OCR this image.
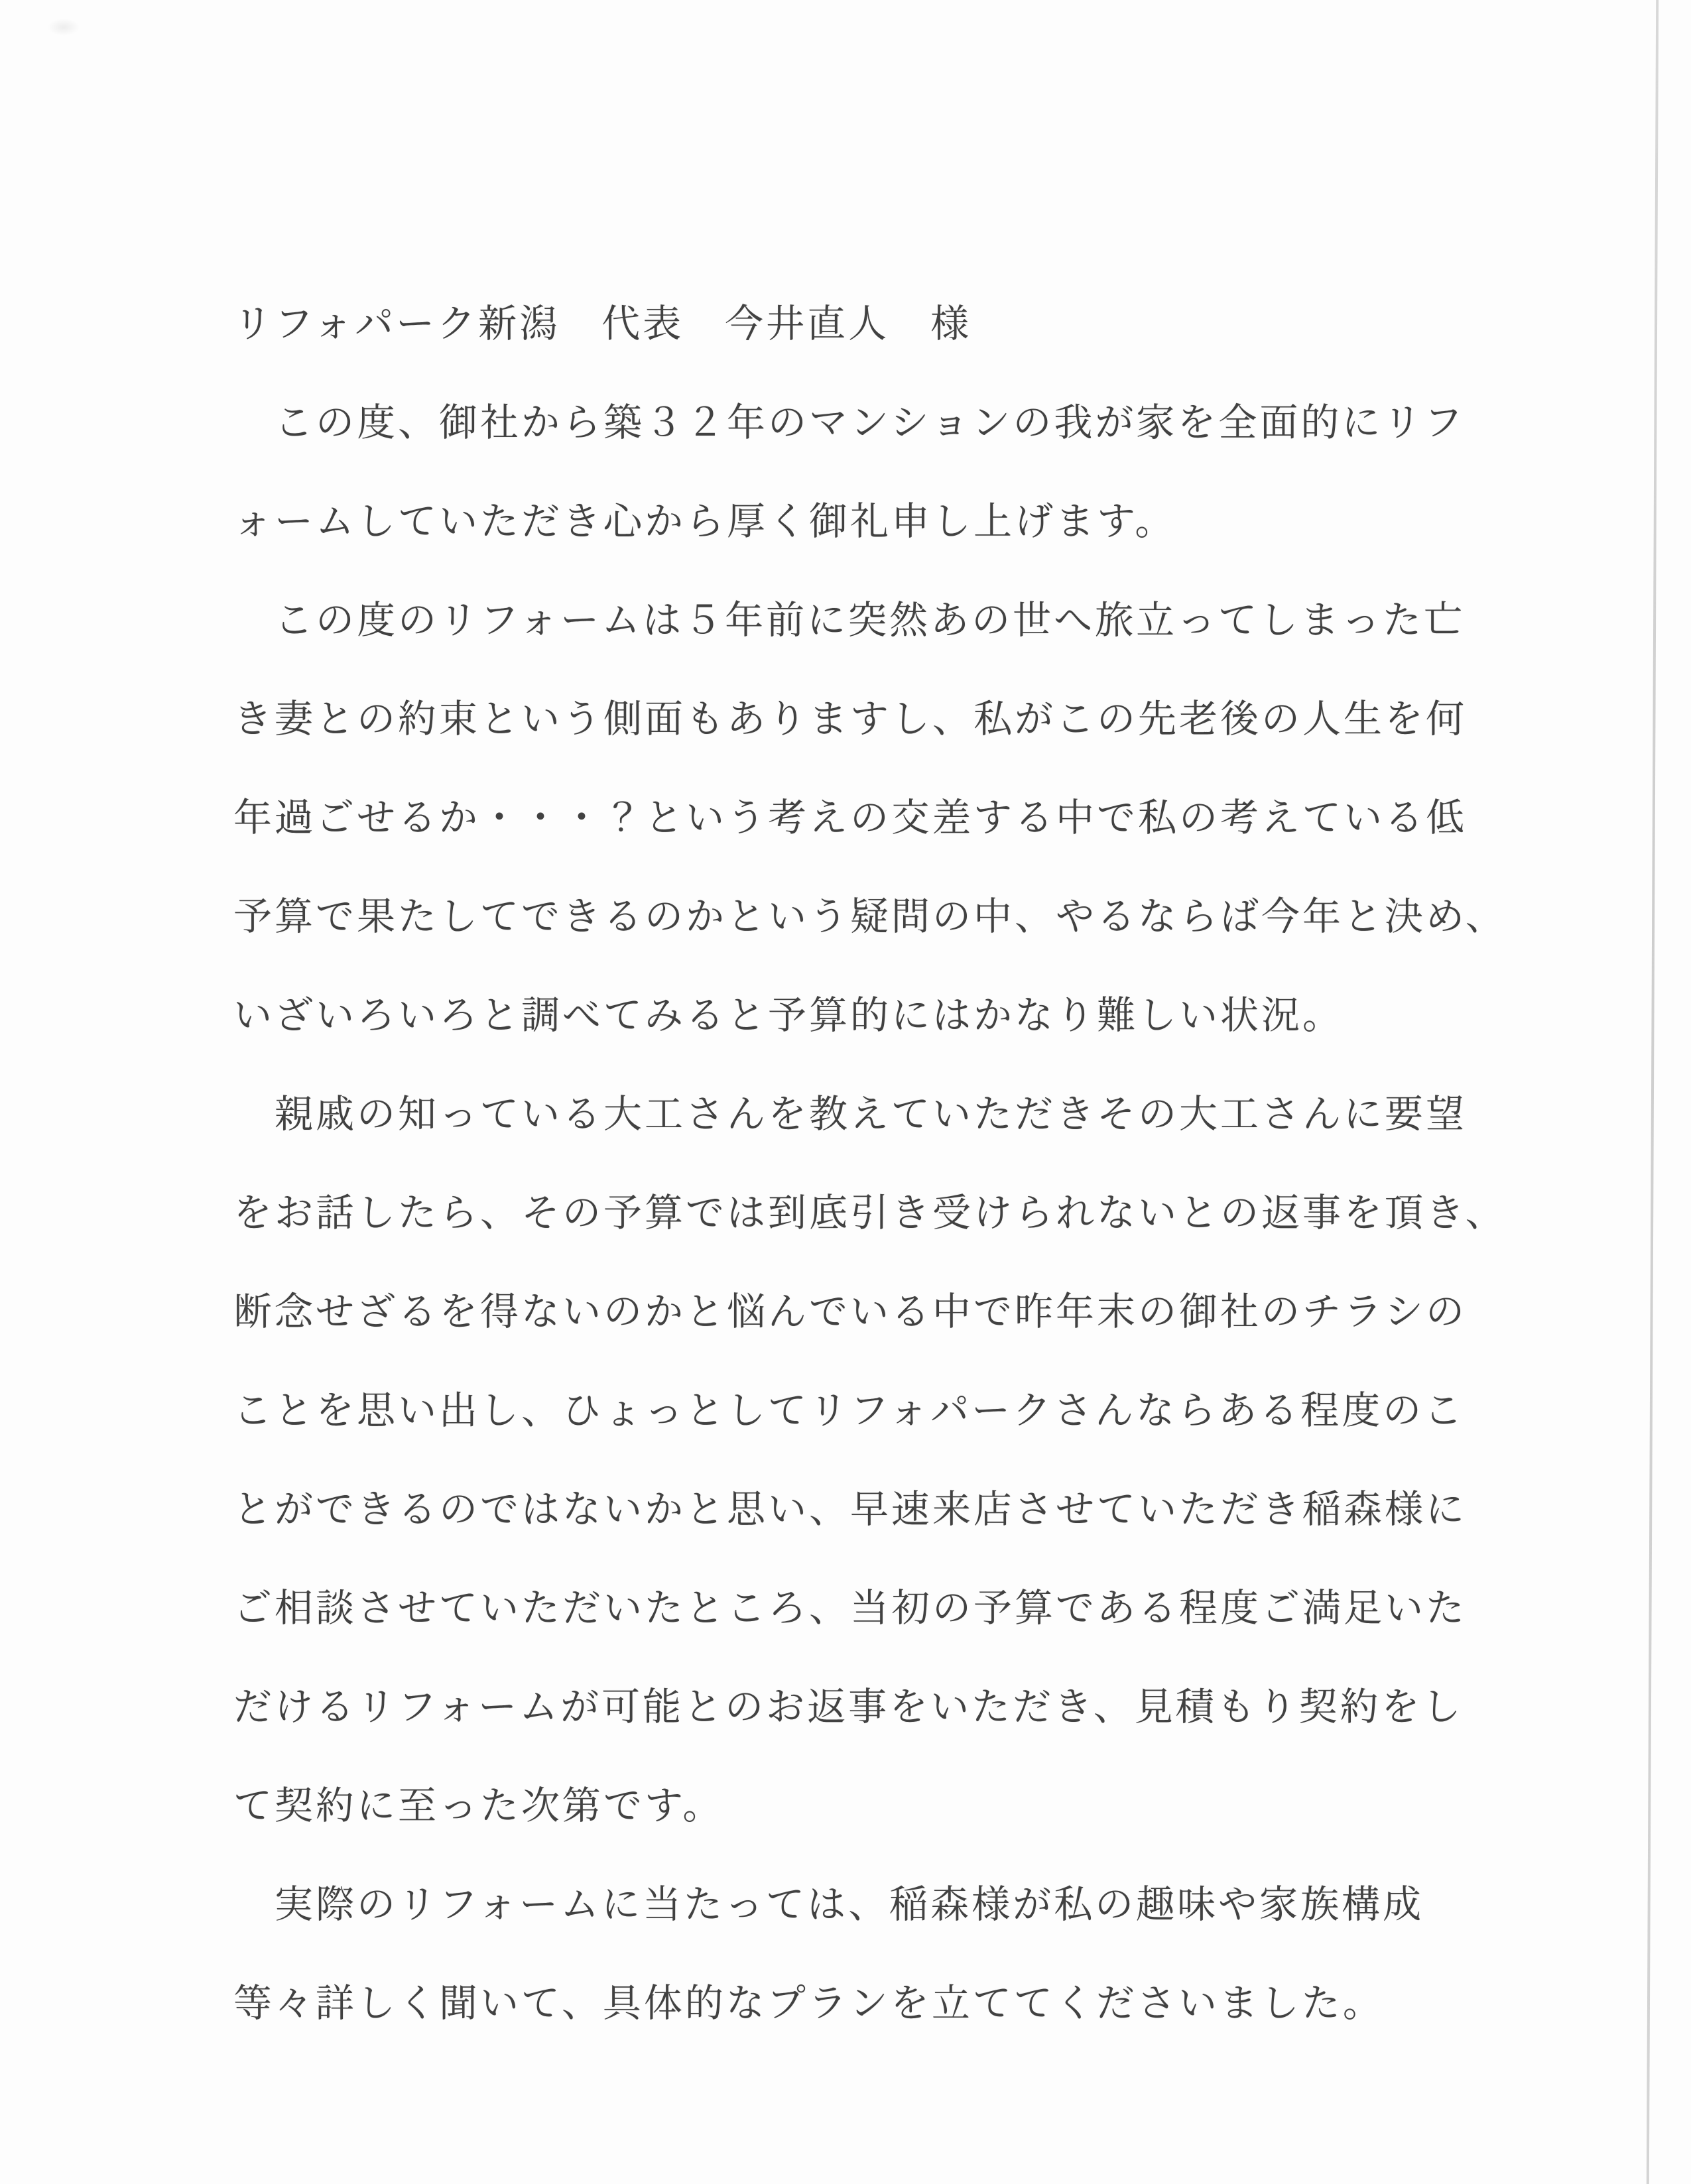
リフォパーク新潟　代表　今井直人　様
　この度、御社から築３２年のマンションの我が家を全面的にリフ
ォームしていただき心から厚く御礼申し上げます。
　この度のリフォームは５年前に突然あの世へ旅立ってしまった亡
き妻との約束という側面もありますし、私がこの先老後の人生を何
年過ごせるか・・・？という考えの交差する中で私の考えている低
予算で果たしてできるのかという疑問の中、やるならば今年と決め、
いざいろいろと調べてみると予算的にはかなり難しい状況。
　親戚の知っている大工さんを教えていただきその大工さんに要望
をお話したら、その予算では到底引き受けられないとの返事を頂き、
断念せざるを得ないのかと悩んでいる中で昨年末の御社のチラシの
ことを思い出し、ひょっとしてリフォパークさんならある程度のこ
とができるのではないかと思い、早速来店させていただき稲森様に
ご相談させていただいたところ、当初の予算である程度ご満足いた
だけるリフォームが可能とのお返事をいただき、見積もり契約をし
て契約に至った次第です。
　実際のリフォームに当たっては、稲森様が私の趣味や家族構成
等々詳しく聞いて、具体的なプランを立ててくださいました。
